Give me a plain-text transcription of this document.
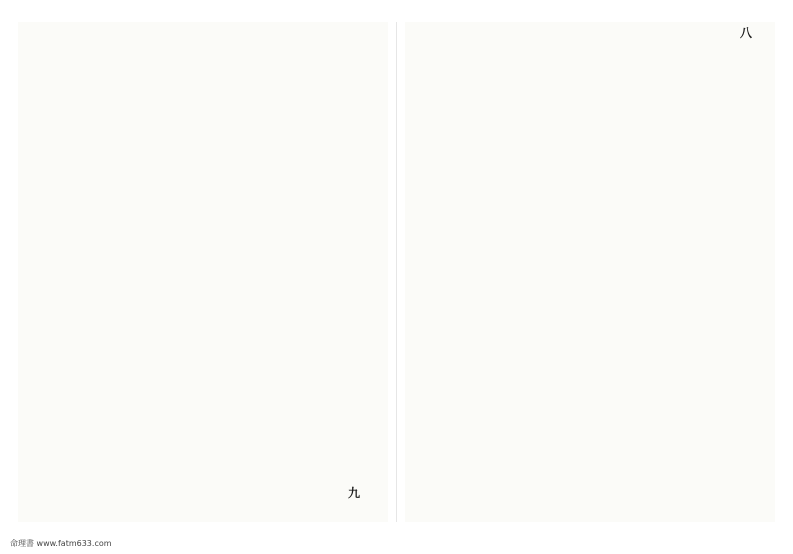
九
八
命理書 www.fatm633.com
